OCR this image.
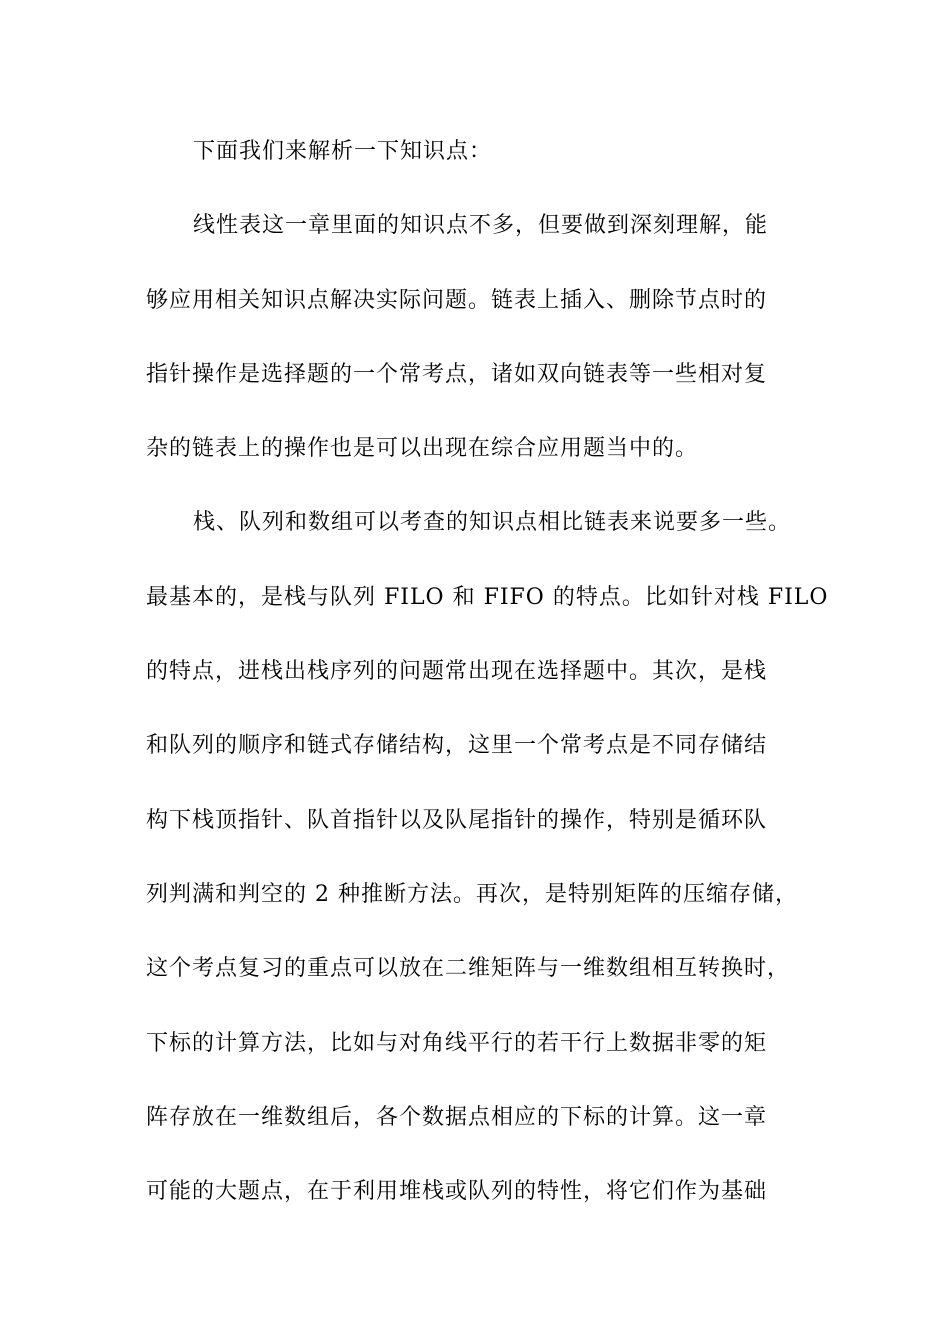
下面我们来解析一下知识点：
线性表这一章里面的知识点不多，但要做到深刻理解，能
够应用相关知识点解决实际问题。链表上插入、删除节点时的
指针操作是选择题的一个常考点，诸如双向链表等一些相对复
杂的链表上的操作也是可以出现在综合应用题当中的。
栈、队列和数组可以考查的知识点相比链表来说要多一些。
最基本的，是栈与队列 FILO 和 FIFO 的特点。比如针对栈 FILO
的特点，进栈出栈序列的问题常出现在选择题中。其次，是栈
和队列的顺序和链式存储结构，这里一个常考点是不同存储结
构下栈顶指针、队首指针以及队尾指针的操作，特别是循环队
列判满和判空的 2 种推断方法。再次，是特别矩阵的压缩存储，
这个考点复习的重点可以放在二维矩阵与一维数组相互转换时，
下标的计算方法，比如与对角线平行的若干行上数据非零的矩
阵存放在一维数组后，各个数据点相应的下标的计算。这一章
可能的大题点，在于利用堆栈或队列的特性，将它们作为基础
